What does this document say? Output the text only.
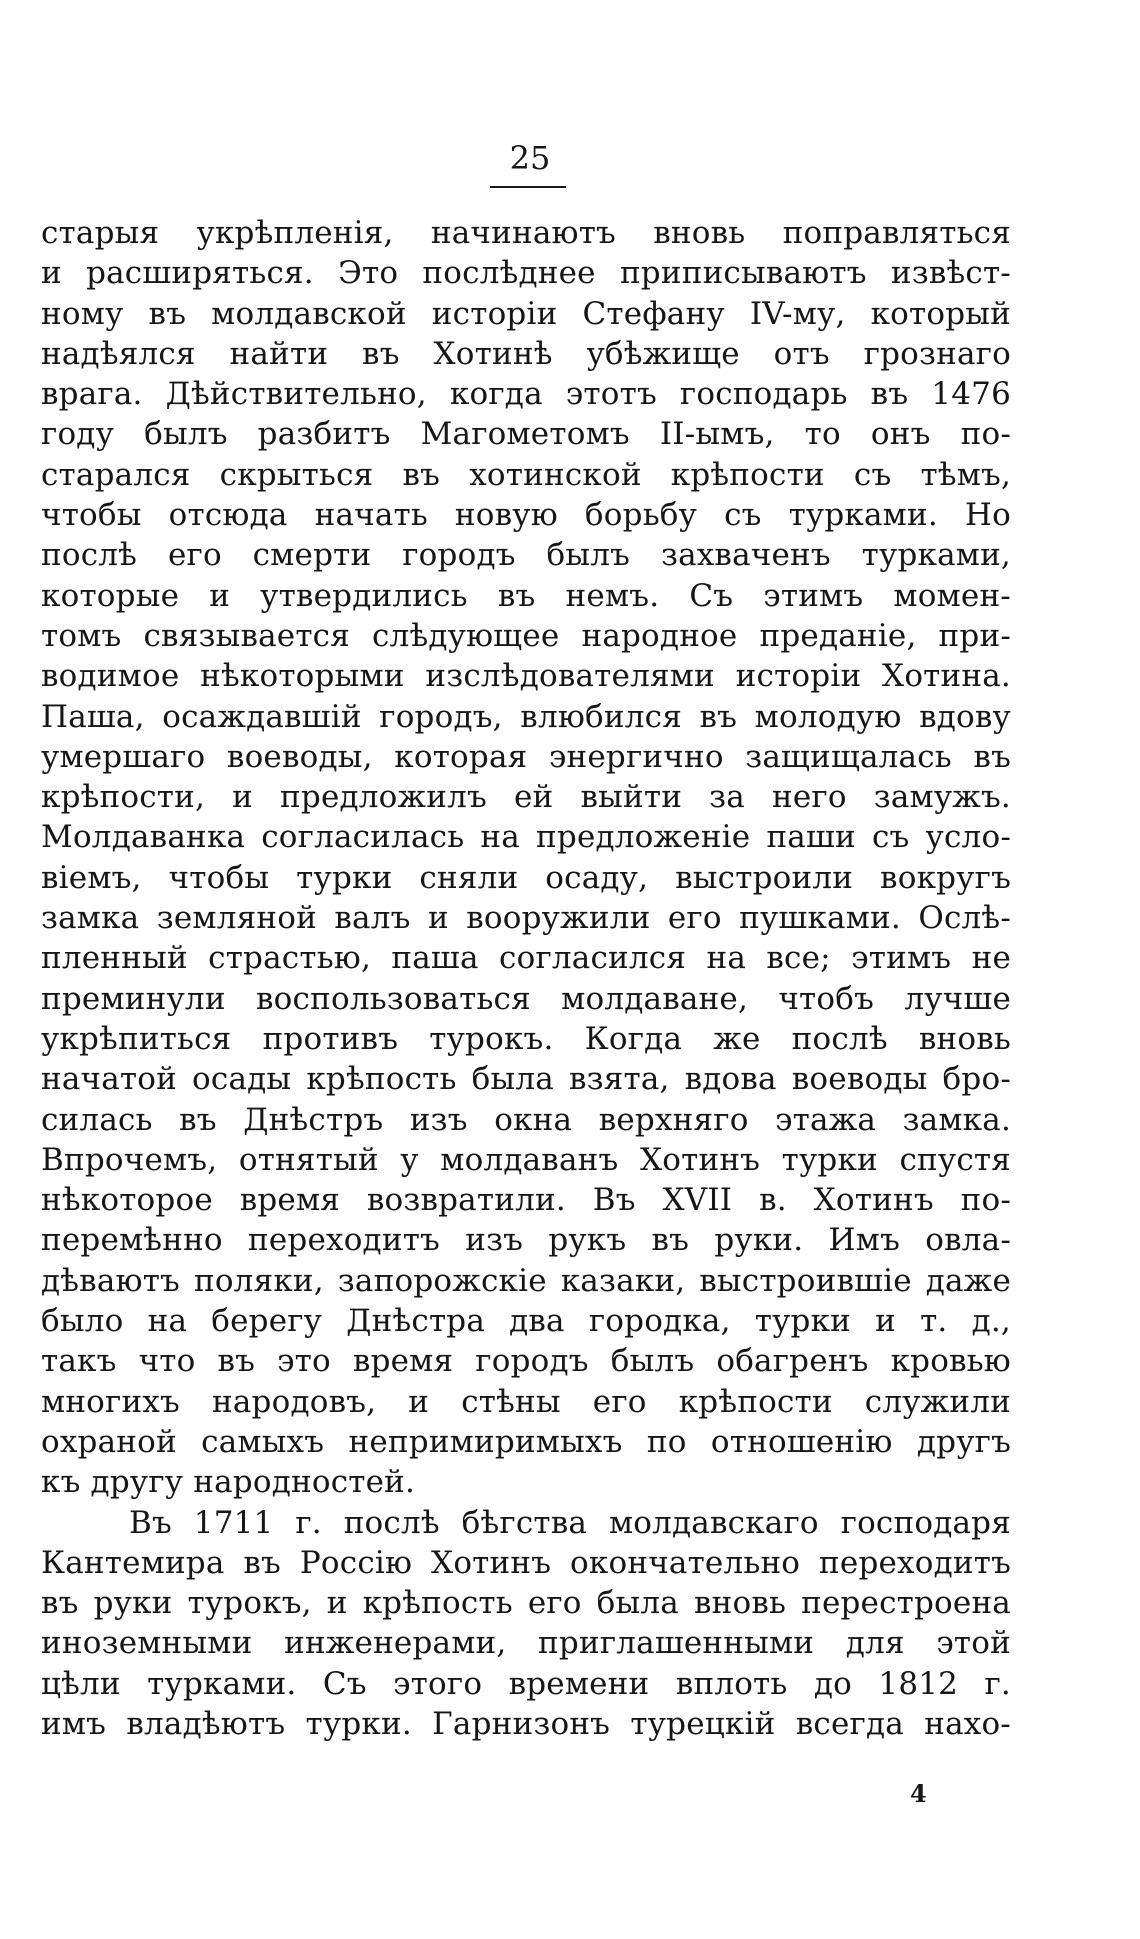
25
старыя укрѣпленія, начинаютъ вновь поправляться
и расширяться. Это послѣднее приписываютъ извѣст-
ному въ молдавской исторіи Стефану IV-му, который
надѣялся найти въ Хотинѣ убѣжище отъ грознаго
врага. Дѣйствительно, когда этотъ господарь въ 1476
году былъ разбитъ Магометомъ II-ымъ, то онъ по-
старался скрыться въ хотинской крѣпости съ тѣмъ,
чтобы отсюда начать новую борьбу съ турками. Но
послѣ его смерти городъ былъ захваченъ турками,
которые и утвердились въ немъ. Съ этимъ момен-
томъ связывается слѣдующее народное преданіе, при-
водимое нѣкоторыми изслѣдователями исторіи Хотина.
Паша, осаждавшій городъ, влюбился въ молодую вдову
умершаго воеводы, которая энергично защищалась въ
крѣпости, и предложилъ ей выйти за него замужъ.
Молдаванка согласилась на предложеніе паши съ усло-
віемъ, чтобы турки сняли осаду, выстроили вокругъ
замка земляной валъ и вооружили его пушками. Ослѣ-
пленный страстью, паша согласился на все; этимъ не
преминули воспользоваться молдаване, чтобъ лучше
укрѣпиться противъ турокъ. Когда же послѣ вновь
начатой осады крѣпость была взята, вдова воеводы бро-
силась въ Днѣстръ изъ окна верхняго этажа замка.
Впрочемъ, отнятый у молдаванъ Хотинъ турки спустя
нѣкоторое время возвратили. Въ XVII в. Хотинъ по-
перемѣнно переходитъ изъ рукъ въ руки. Имъ овла-
дѣваютъ поляки, запорожскіе казаки, выстроившіе даже
было на берегу Днѣстра два городка, турки и т. д.,
такъ что въ это время городъ былъ обагренъ кровью
многихъ народовъ, и стѣны его крѣпости служили
охраной самыхъ непримиримыхъ по отношенію другъ
къ другу народностей.
Въ 1711 г. послѣ бѣгства молдавскаго господаря
Кантемира въ Россію Хотинъ окончательно переходитъ
въ руки турокъ, и крѣпость его была вновь перестроена
иноземными инженерами, приглашенными для этой
цѣли турками. Съ этого времени вплоть до 1812 г.
имъ владѣютъ турки. Гарнизонъ турецкій всегда нахо-
4
